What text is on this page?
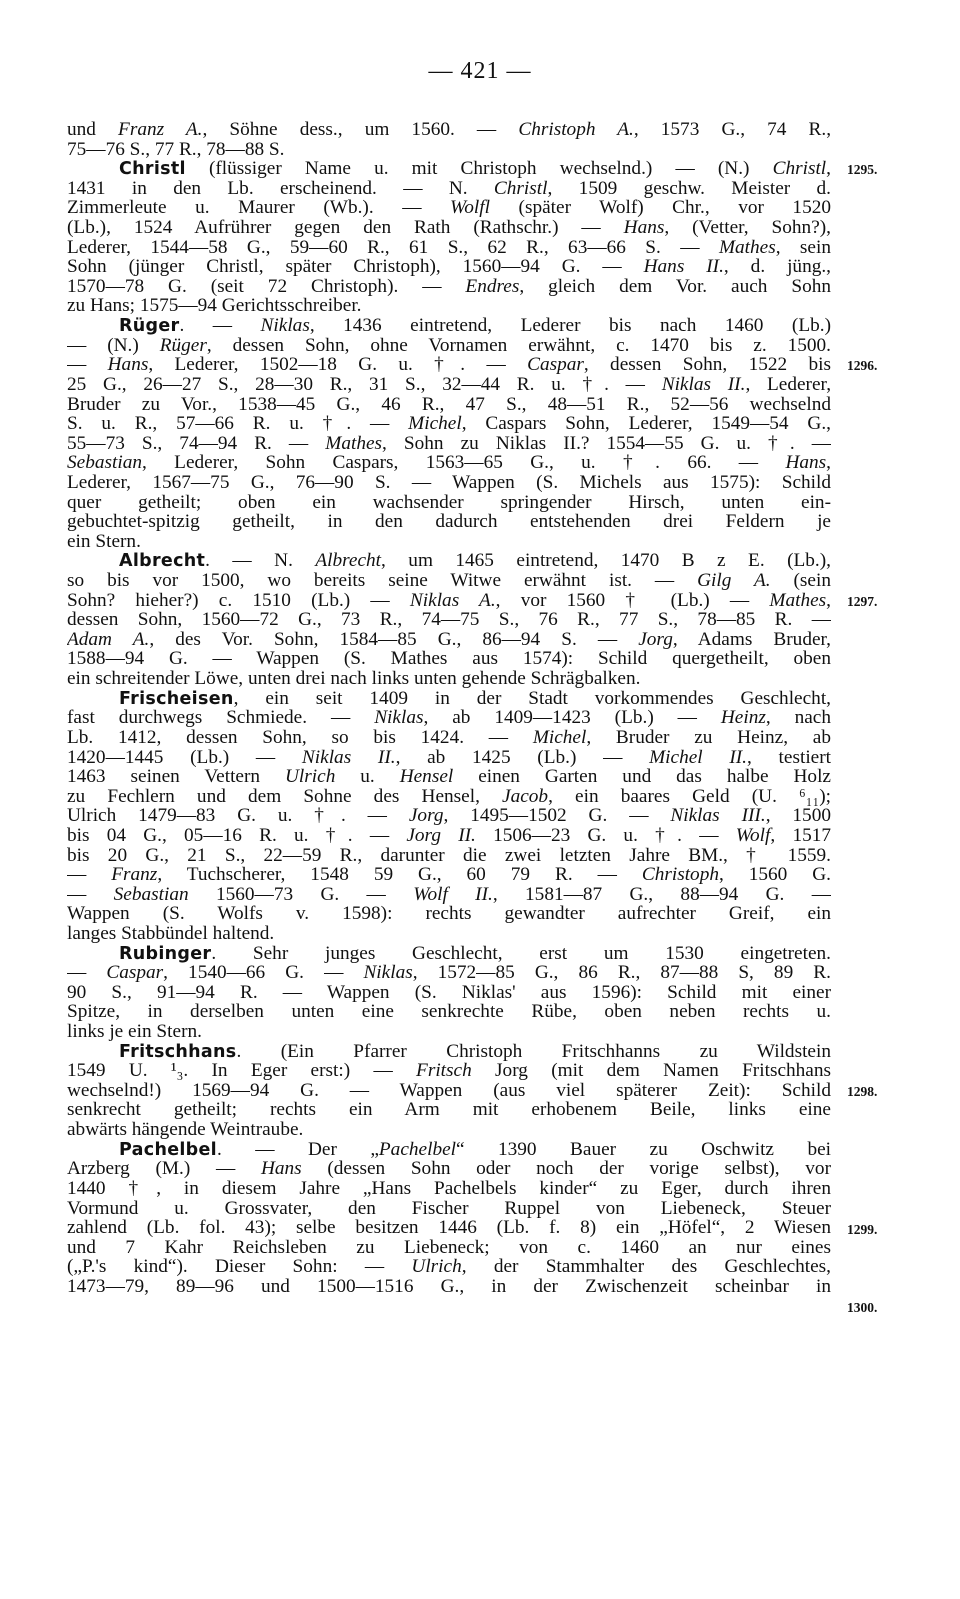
— 421 —
und Franz A., Söhne dess., um 1560. — Christoph A., 1573 G., 74 R.,
75—76 S., 77 R., 78—88 S.
Christl (flüssiger Name u. mit Christoph wechselnd.) — (N.) Christl,
1431 in den Lb. erscheinend. — N. Christl, 1509 geschw. Meister d.
Zimmerleute u. Maurer (Wb.). — Wolfl (später Wolf) Chr., vor 1520
(Lb.), 1524 Aufrührer gegen den Rath (Rathschr.) — Hans, (Vetter, Sohn?),
Lederer, 1544—58 G., 59—60 R., 61 S., 62 R., 63—66 S. — Mathes, sein
Sohn (jünger Christl, später Christoph), 1560—94 G. — Hans II., d. jüng.,
1570—78 G. (seit 72 Christoph). — Endres, gleich dem Vor. auch Sohn
zu Hans; 1575—94 Gerichtsschreiber.
Rüger. — Niklas, 1436 eintretend, Lederer bis nach 1460 (Lb.)
— (N.) Rüger, dessen Sohn, ohne Vornamen erwähnt, c. 1470 bis z. 1500.
— Hans, Lederer, 1502—18 G. u. †. — Caspar, dessen Sohn, 1522 bis
25 G., 26—27 S., 28—30 R., 31 S., 32—44 R. u. †. — Niklas II., Lederer,
Bruder zu Vor., 1538—45 G., 46 R., 47 S., 48—51 R., 52—56 wechselnd
S. u. R., 57—66 R. u. †. — Michel, Caspars Sohn, Lederer, 1549—54 G.,
55—73 S., 74—94 R. — Mathes, Sohn zu Niklas II.? 1554—55 G. u. †. —
Sebastian, Lederer, Sohn Caspars, 1563—65 G., u. †. 66. — Hans,
Lederer, 1567—75 G., 76—90 S. — Wappen (S. Michels aus 1575): Schild
quer getheilt; oben ein wachsender springender Hirsch, unten ein-
gebuchtet-spitzig getheilt, in den dadurch entstehenden drei Feldern je
ein Stern.
Albrecht. — N. Albrecht, um 1465 eintretend, 1470 B z E. (Lb.),
so bis vor 1500, wo bereits seine Witwe erwähnt ist. — Gilg A. (sein
Sohn? hieher?) c. 1510 (Lb.) — Niklas A., vor 1560 † (Lb.) — Mathes,
dessen Sohn, 1560—72 G., 73 R., 74—75 S., 76 R., 77 S., 78—85 R. —
Adam A., des Vor. Sohn, 1584—85 G., 86—94 S. — Jorg, Adams Bruder,
1588—94 G. — Wappen (S. Mathes aus 1574): Schild quergetheilt, oben
ein schreitender Löwe, unten drei nach links unten gehende Schrägbalken.
Frischeisen, ein seit 1409 in der Stadt vorkommendes Geschlecht,
fast durchwegs Schmiede. — Niklas, ab 1409—1423 (Lb.) — Heinz, nach
Lb. 1412, dessen Sohn, so bis 1424. — Michel, Bruder zu Heinz, ab
1420—1445 (Lb.) — Niklas II., ab 1425 (Lb.) — Michel II., testiert
1463 seinen Vettern Ulrich u. Hensel einen Garten und das halbe Holz
zu Fechlern und dem Sohne des Hensel, Jacob, ein baares Geld (U. ⁶₁₁);
Ulrich 1479—83 G. u. †. — Jorg, 1495—1502 G. — Niklas III., 1500
bis 04 G., 05—16 R. u. †. — Jorg II. 1506—23 G. u. †. — Wolf, 1517
bis 20 G., 21 S., 22—59 R., darunter die zwei letzten Jahre BM., † 1559.
— Franz, Tuchscherer, 1548 59 G., 60 79 R. — Christoph, 1560 G.
— Sebastian 1560—73 G. — Wolf II., 1581—87 G., 88—94 G. —
Wappen (S. Wolfs v. 1598): rechts gewandter aufrechter Greif, ein
langes Stabbündel haltend.
Rubinger. Sehr junges Geschlecht, erst um 1530 eingetreten.
— Caspar, 1540—66 G. — Niklas, 1572—85 G., 86 R., 87—88 S, 89 R.
90 S., 91—94 R. — Wappen (S. Niklas' aus 1596): Schild mit einer
Spitze, in derselben unten eine senkrechte Rübe, oben neben rechts u.
links je ein Stern.
Fritschhans. (Ein Pfarrer Christoph Fritschhanns zu Wildstein
1549 U. ¹₃. In Eger erst:) — Fritsch Jorg (mit dem Namen Fritschhans
wechselnd!) 1569—94 G. — Wappen (aus viel späterer Zeit): Schild
senkrecht getheilt; rechts ein Arm mit erhobenem Beile, links eine
abwärts hängende Weintraube.
Pachelbel. — Der „Pachelbel“ 1390 Bauer zu Oschwitz bei
Arzberg (M.) — Hans (dessen Sohn oder noch der vorige selbst), vor
1440 †, in diesem Jahre „Hans Pachelbels kinder“ zu Eger, durch ihren
Vormund u. Grossvater, den Fischer Ruppel von Liebeneck, Steuer
zahlend (Lb. fol. 43); selbe besitzen 1446 (Lb. f. 8) ein „Höfel“, 2 Wiesen
und 7 Kahr Reichsleben zu Liebeneck; von c. 1460 an nur eines
(„P.'s kind“). Dieser Sohn: — Ulrich, der Stammhalter des Geschlechtes,
1473—79, 89—96 und 1500—1516 G., in der Zwischenzeit scheinbar in
1295.
1296.
1297.
1298.
1299.
1300.
